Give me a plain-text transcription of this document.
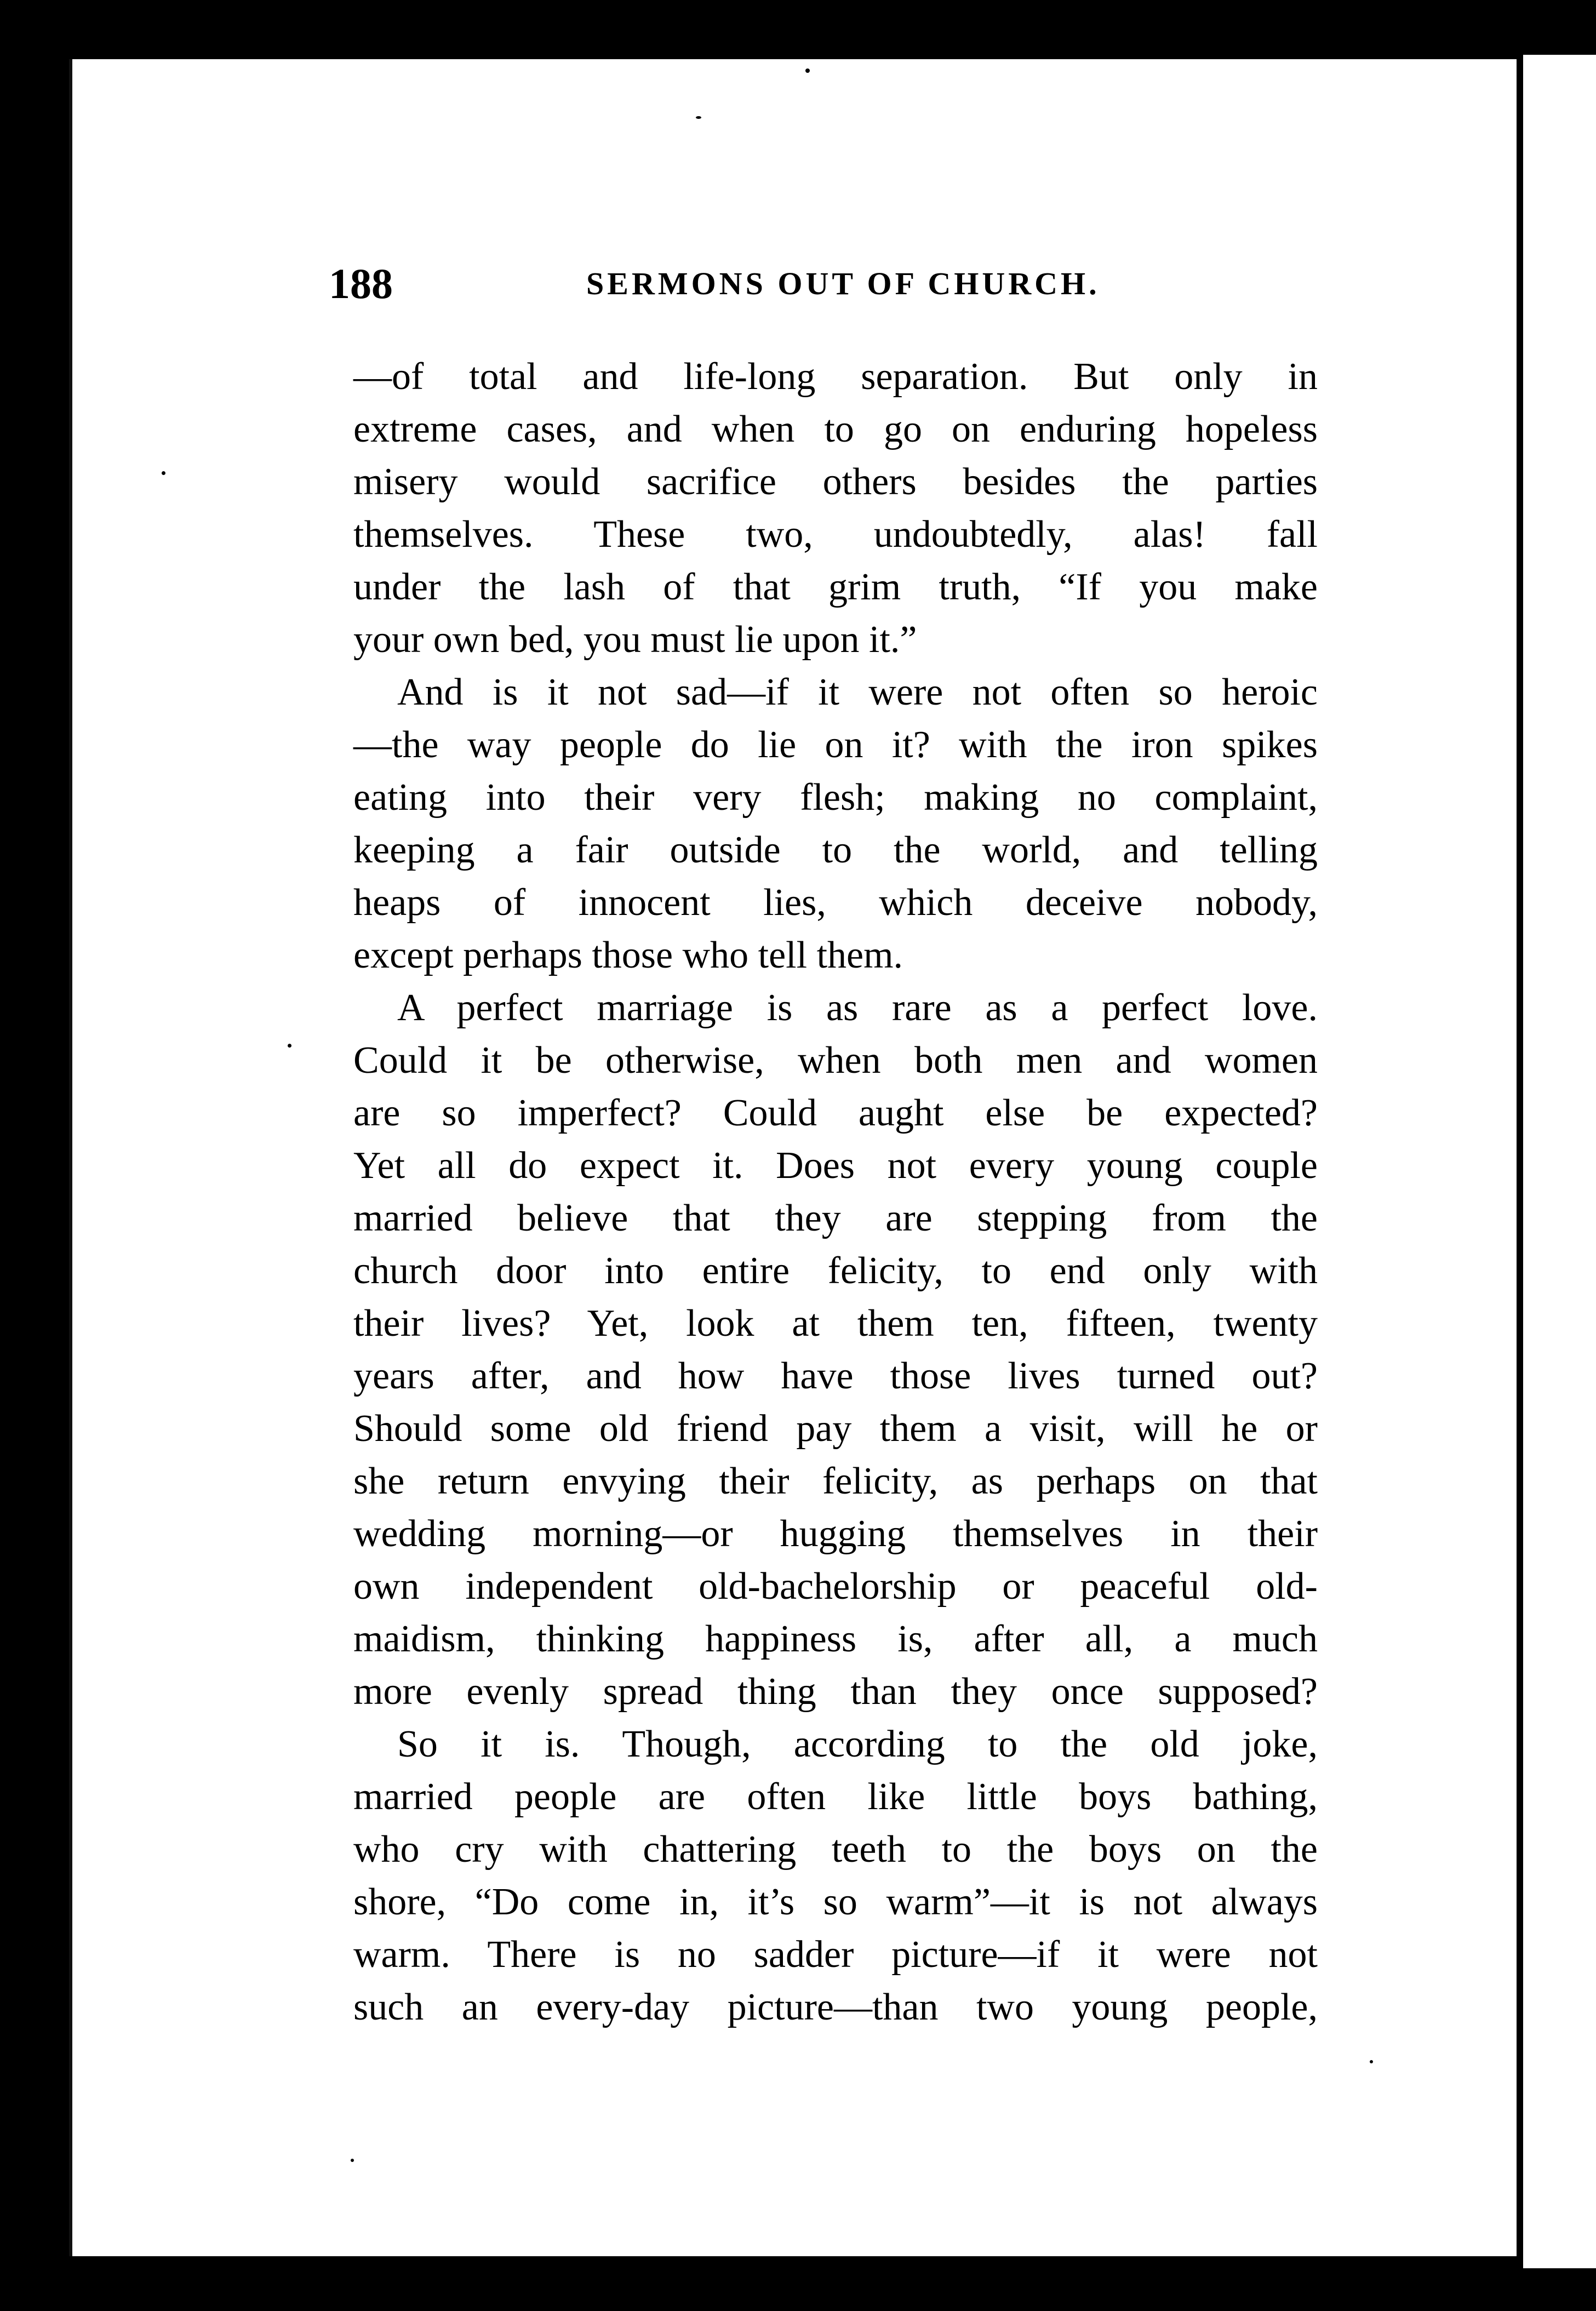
188	SERMONS OUT OF CHURCH.
—of total and life-long separation. But only in
extreme cases, and when to go on enduring hopeless
misery would sacrifice others besides the parties
themselves. These two, undoubtedly, alas! fall
under the lash of that grim truth, “If you make
your own bed, you must lie upon it.”
And is it not sad—if it were not often so heroic
—the way people do lie on it? with the iron spikes
eating into their very flesh; making no complaint,
keeping a fair outside to the world, and telling
heaps of innocent lies, which deceive nobody,
except perhaps those who tell them.
A perfect marriage is as rare as a perfect love.
Could it be otherwise, when both men and women
are so imperfect? Could aught else be expected?
Yet all do expect it. Does not every young couple
married believe that they are stepping from the
church door into entire felicity, to end only with
their lives? Yet, look at them ten, fifteen, twenty
years after, and how have those lives turned out?
Should some old friend pay them a visit, will he or
she return envying their felicity, as perhaps on that
wedding morning—or hugging themselves in their
own independent old-bachelorship or peaceful old-
maidism, thinking happiness is, after all, a much
more evenly spread thing than they once supposed?
So it is. Though, according to the old joke,
married people are often like little boys bathing,
who cry with chattering teeth to the boys on the
shore, “Do come in, it’s so warm”—it is not always
warm. There is no sadder picture—if it were not
such an every-day picture—than two young people,
